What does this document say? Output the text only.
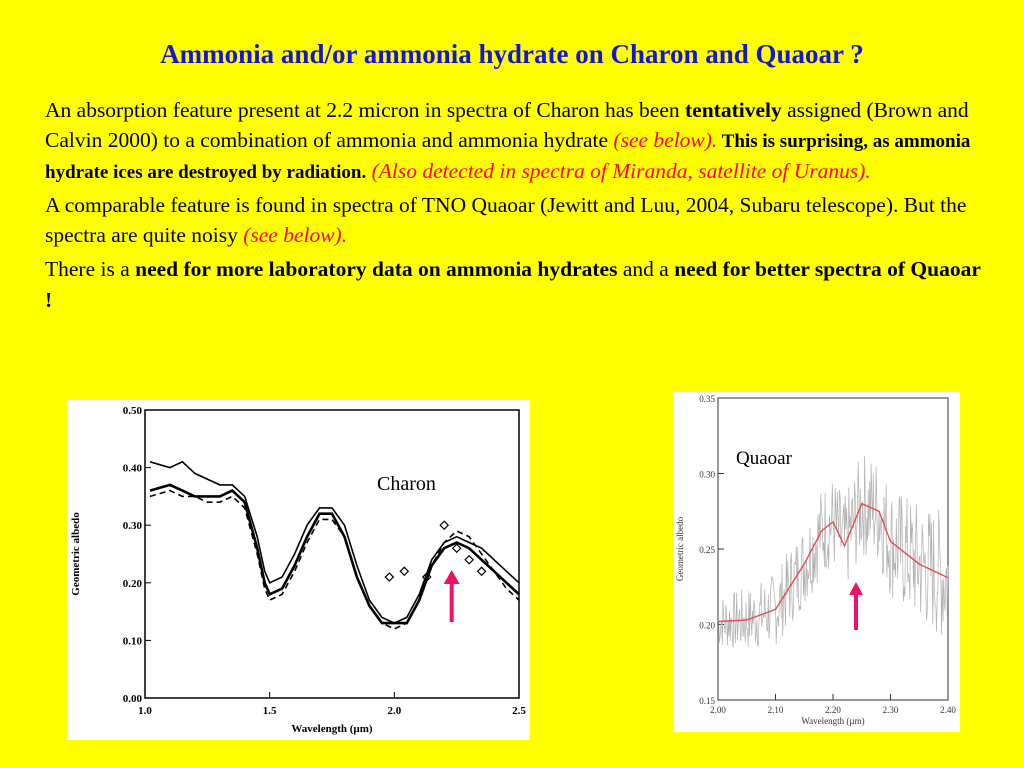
Ammonia and/or ammonia hydrate on Charon and Quaoar ?

An absorption feature present at 2.2 micron in spectra of Charon has been tentatively assigned (Brown and Calvin 2000) to a combination of ammonia and ammonia hydrate (see below). This is surprising, as ammonia hydrate ices are destroyed by radiation. (Also detected in spectra of Miranda, satellite of Uranus).

A comparable feature is found in spectra of TNO Quaoar (Jewitt and Luu, 2004, Subaru telescope). But the spectra are quite noisy (see below).

There is a need for more laboratory data on ammonia hydrates and a need for better spectra of Quaoar !

1.0	1.5	2.0	2.5
0.00
0.10
0.20
0.30
0.40
0.50
Wavelength (µm)
Geometric albedo
Charon
2.00	2.10	2.20	2.30	2.40
0.15
0.20
0.25
0.30
0.35
Wavelength (µm)
Geometric albedo
Quaoar
